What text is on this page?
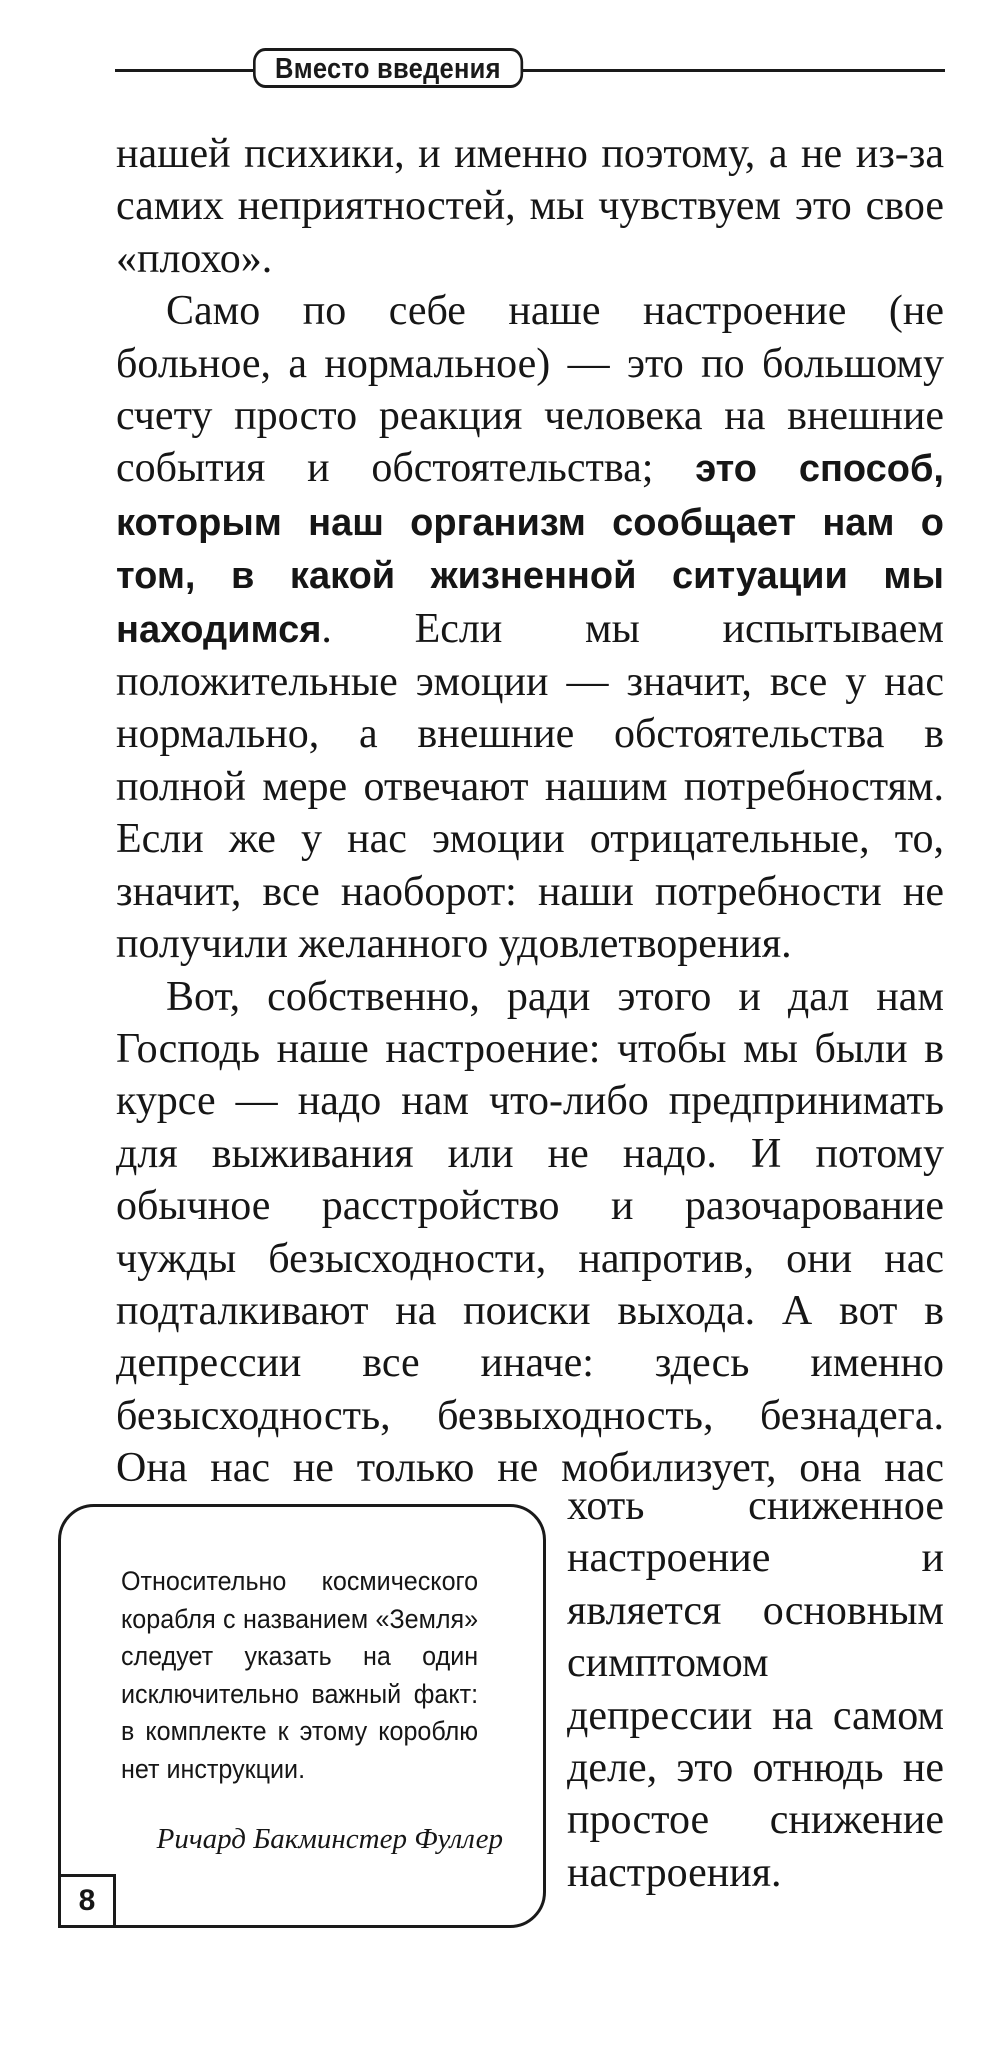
Вместо введения

нашей психики, и именно поэтому, а не из-за самих неприятностей, мы чувствуем это свое «плохо».

Само по себе наше настроение (не больное, а нормальное) — это по большому счету просто реакция человека на внешние события и обстоятельства; это способ, которым наш организм сообщает нам о том, в какой жизненной ситуации мы находимся. Если мы испытываем положительные эмоции — значит, все у нас нормально, а внешние обстоятельства в полной мере отвечают нашим потребностям. Если же у нас эмоции отрицательные, то, значит, все наоборот: наши потребности не получили желанного удовлетворения.

Вот, собственно, ради этого и дал нам Господь наше настроение: чтобы мы были в курсе — надо нам что-либо предпринимать для выживания или не надо. И потому обычное расстройство и разочарование чужды безысходности, напротив, они нас подталкивают на поиски выхода. А вот в депрессии все иначе: здесь именно безысходность, безвыходность, безнадега. Она нас не только не мобилизует, она нас

хоть сниженное настроение и является основным симптомом депрессии на самом деле, это отнюдь не простое снижение настроения.

Относительно космического корабля с названием «Земля» следует указать на один исключительно важный факт: в комплекте к этому короблю нет инструкции.
Ричард Бакминстер Фуллер
8
